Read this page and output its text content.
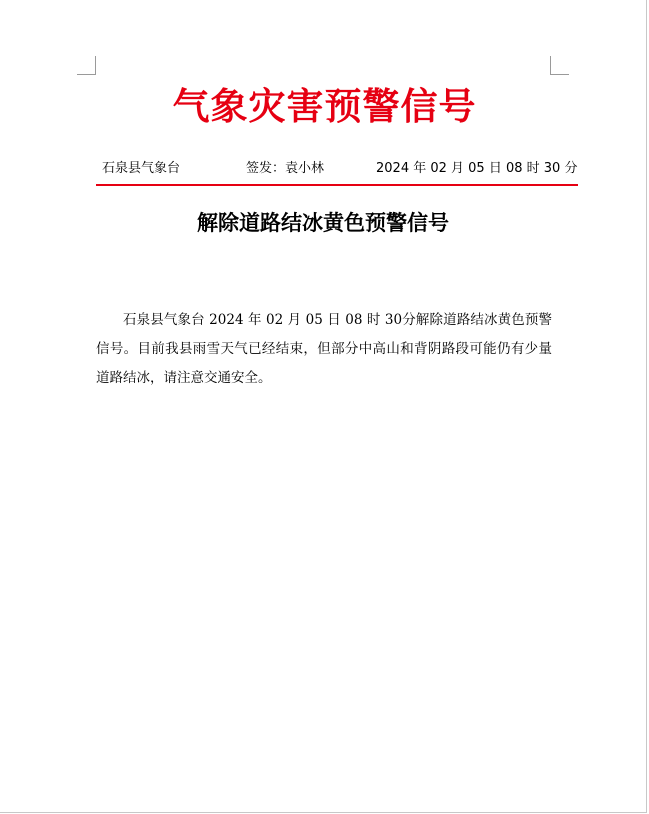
气象灾害预警信号
石泉县气象台	签发：袁小林	2024 年 02 月 05 日 08 时 30 分
解除道路结冰黄色预警信号

石泉县气象台 2024 年 02 月 05 日 08 时 30分解除道路结冰黄色预警信号。目前我县雨雪天气已经结束，但部分中高山和背阴路段可能仍有少量道路结冰，请注意交通安全。
